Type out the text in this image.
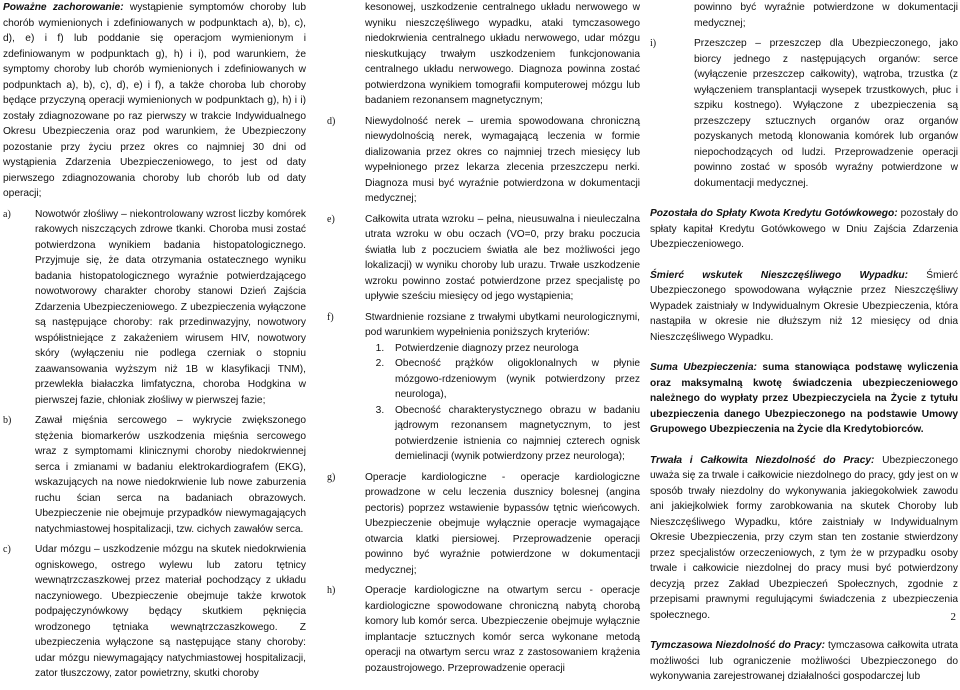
Poważne zachorowanie: wystąpienie symptomów choroby lub chorób wymienionych i zdefiniowanych w podpunktach a), b), c), d), e) i f) lub poddanie się operacjom wymienionym i zdefiniowanym w podpunktach g), h) i i), pod warunkiem, że symptomy choroby lub chorób wymienionych i zdefiniowanych w podpunktach a), b), c), d), e) i f), a także choroba lub choroby będące przyczyną operacji wymienionych w podpunktach g), h) i i) zostały zdiagnozowane po raz pierwszy w trakcie Indywidualnego Okresu Ubezpieczenia oraz pod warunkiem, że Ubezpieczony pozostanie przy życiu przez okres co najmniej 30 dni od wystąpienia Zdarzenia Ubezpieczeniowego, to jest od daty pierwszego zdiagnozowania choroby lub chorób lub od daty operacji;

a) Nowotwór złośliwy – niekontrolowany wzrost liczby komórek rakowych niszczących zdrowe tkanki. Choroba musi zostać potwierdzona wynikiem badania histopatologicznego. Przyjmuje się, że data otrzymania ostatecznego wyniku badania histopatologicznego wyraźnie potwierdzającego nowotworowy charakter choroby stanowi Dzień Zajścia Zdarzenia Ubezpieczeniowego. Z ubezpieczenia wyłączone są następujące choroby: rak przedinwazyjny, nowotwory współistniejące z zakażeniem wirusem HIV, nowotwory skóry (wyłączeniu nie podlega czerniak o stopniu zaawansowania wyższym niż 1B w klasyfikacji TNM), przewlekła białaczka limfatyczna, choroba Hodgkina w pierwszej fazie, chłoniak złośliwy w pierwszej fazie;
b) Zawał mięśnia sercowego – wykrycie zwiększonego stężenia biomarkerów uszkodzenia mięśnia sercowego wraz z symptomami klinicznymi choroby niedokrwiennej serca i zmianami w badaniu elektrokardiografem (EKG), wskazujących na nowe niedokrwienie lub nowe zaburzenia ruchu ścian serca na badaniach obrazowych. Ubezpieczenie nie obejmuje przypadków niewymagających natychmiastowej hospitalizacji, tzw. cichych zawałów serca.
c) Udar mózgu – uszkodzenie mózgu na skutek niedokrwienia ogniskowego, ostrego wylewu lub zatoru tętnicy wewnątrzczaszkowej przez materiał pochodzący z układu naczyniowego. Ubezpieczenie obejmuje także krwotok podpajęczynówkowy będący skutkiem pęknięcia wrodzonego tętniaka wewnątrzczaszkowego. Z ubezpieczenia wyłączone są następujące stany choroby: udar mózgu niewymagający natychmiastowej hospitalizacji, zator tłuszczowy, zator powietrzny, skutki choroby

kesonowej, uszkodzenie centralnego układu nerwowego w wyniku nieszczęśliwego wypadku, ataki tymczasowego niedokrwienia centralnego układu nerwowego, udar mózgu nieskutkujący trwałym uszkodzeniem funkcjonowania centralnego układu nerwowego. Diagnoza powinna zostać potwierdzona wynikiem tomografii komputerowej mózgu lub badaniem rezonansem magnetycznym;

d)	Niewydolność nerek – uremia spowodowana chroniczną niewydolnością nerek, wymagającą leczenia w formie dializowania przez okres co najmniej trzech miesięcy lub wypełnionego przez lekarza zlecenia przeszczepu nerki. Diagnoza musi być wyraźnie potwierdzona w dokumentacji medycznej;
e)	Całkowita utrata wzroku – pełna, nieusuwalna i nieuleczalna utrata wzroku w obu oczach (VO=0, przy braku poczucia światła lub z poczuciem światła ale bez możliwości jego lokalizacji) w wyniku choroby lub urazu. Trwałe uszkodzenie wzroku powinno zostać potwierdzone przez specjalistę po upływie sześciu miesięcy od jego wystąpienia;
f)	Stwardnienie rozsiane z trwałymi ubytkami neurologicznymi, pod warunkiem wypełnienia poniższych kryteriów:
1. Potwierdzenie diagnozy przez neurologa
2. Obecność prążków oligoklonalnych w płynie mózgowo-rdzeniowym (wynik potwierdzony przez neurologa),
3. Obecność charakterystycznego obrazu w badaniu jądrowym rezonansem magnetycznym, to jest potwierdzenie istnienia co najmniej czterech ognisk demielinacji (wynik potwierdzony przez neurologa);
g)	Operacje kardiologiczne - operacje kardiologiczne prowadzone w celu leczenia dusznicy bolesnej (angina pectoris) poprzez wstawienie bypassów tętnic wieńcowych. Ubezpieczenie obejmuje wyłącznie operacje wymagające otwarcia klatki piersiowej. Przeprowadzenie operacji powinno być wyraźnie potwierdzone w dokumentacji medycznej;
h)	Operacje kardiologiczne na otwartym sercu - operacje kardiologiczne spowodowane chroniczną nabytą chorobą komory lub komór serca. Ubezpieczenie obejmuje wyłącznie implantacje sztucznych komór serca wykonane metodą operacji na otwartym sercu wraz z zastosowaniem krążenia pozaustrojowego. Przeprowadzenie operacji

powinno być wyraźnie potwierdzone w dokumentacji medycznej;

i)	Przeszczep – przeszczep dla Ubezpieczonego, jako biorcy jednego z następujących organów: serce (wyłączenie przeszczep całkowity), wątroba, trzustka (z wyłączeniem transplantacji wysepek trzustkowych, płuc i szpiku kostnego). Wyłączone z ubezpieczenia są przeszczepy sztucznych organów oraz organów pozyskanych metodą klonowania komórek lub organów niepochodzących od ludzi. Przeprowadzenie operacji powinno zostać w sposób wyraźny potwierdzone w dokumentacji medycznej.

Pozostała do Spłaty Kwota Kredytu Gotówkowego: pozostały do spłaty kapitał Kredytu Gotówkowego w Dniu Zajścia Zdarzenia Ubezpieczeniowego.

Śmierć wskutek Nieszczęśliwego Wypadku: Śmierć Ubezpieczonego spowodowana wyłącznie przez Nieszczęśliwy Wypadek zaistniały w Indywidualnym Okresie Ubezpieczenia, która nastąpiła w okresie nie dłuższym niż 12 miesięcy od dnia Nieszczęśliwego Wypadku.

Suma Ubezpieczenia: suma stanowiąca podstawę wyliczenia oraz maksymalną kwotę świadczenia ubezpieczeniowego należnego do wypłaty przez Ubezpieczyciela na Życie z tytułu ubezpieczenia danego Ubezpieczonego na podstawie Umowy Grupowego Ubezpieczenia na Życie dla Kredytobiorców.

Trwała i Całkowita Niezdolność do Pracy: Ubezpieczonego uważa się za trwale i całkowicie niezdolnego do pracy, gdy jest on w sposób trwały niezdolny do wykonywania jakiegokolwiek zawodu ani jakiejkolwiek formy zarobkowania na skutek Choroby lub Nieszczęśliwego Wypadku, które zaistniały w Indywidualnym Okresie Ubezpieczenia, przy czym stan ten zostanie stwierdzony przez specjalistów orzeczeniowych, z tym że w przypadku osoby trwale i całkowicie niezdolnej do pracy musi być potwierdzony decyzją przez Zakład Ubezpieczeń Społecznych, zgodnie z przepisami prawnymi regulującymi świadczenia z ubezpieczenia społecznego.

Tymczasowa Niezdolność do Pracy: tymczasowa całkowita utrata możliwości lub ograniczenie możliwości Ubezpieczonego do wykonywania zarejestrowanej działalności gospodarczej lub

2
